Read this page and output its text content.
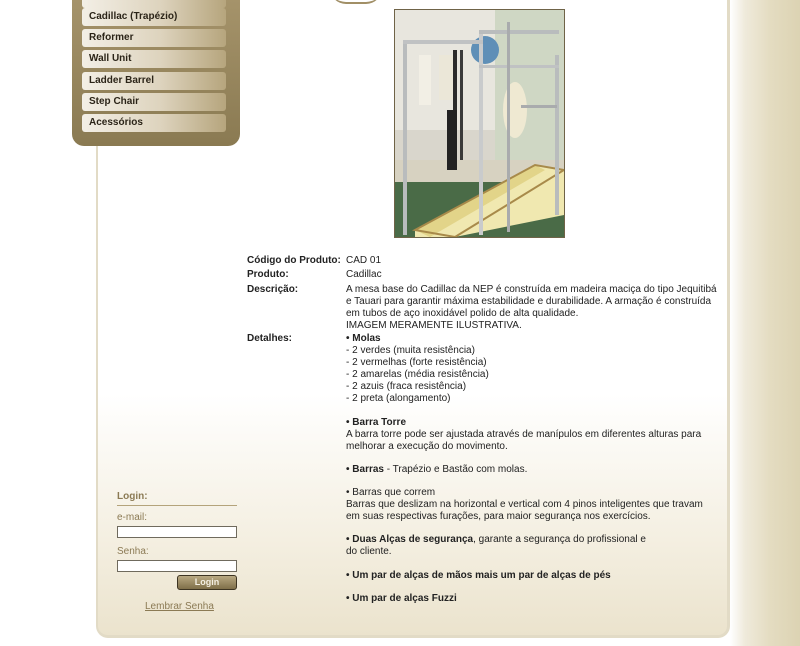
Cadillac (Trapézio)
Reformer
Wall Unit
Ladder Barrel
Step Chair
Acessórios
Código do Produto: CAD 01
Produto:	Cadillac
Descrição:	A mesa base do Cadillac da NEP é construída em madeira maciça do tipo Jequitibá e Tauari para garantir máxima estabilidade e durabilidade. A armação é construída em tubos de aço inoxidável polido de alta qualidade.

IMAGEM MERAMENTE ILUSTRATIVA.

Detalhes:	• Molas

- 2 verdes (muita resistência)

- 2 vermelhas (forte resistência)

- 2 amarelas (média resistência)

- 2 azuis (fraca resistência)

- 2 preta (alongamento)

• Barra Torre

A barra torre pode ser ajustada através de manípulos em diferentes alturas para melhorar a execução do movimento.

• Barras - Trapézio e Bastão com molas.

• Barras que correm

Barras que deslizam na horizontal e vertical com 4 pinos inteligentes que travam em suas respectivas furações, para maior segurança nos exercícios.

• Duas Alças de segurança, garante a segurança do profissional e

do cliente.

• Um par de alças de mãos mais um par de alças de pés

• Um par de alças Fuzzi

Login:
e-mail:
Senha:
Login
Lembrar Senha
